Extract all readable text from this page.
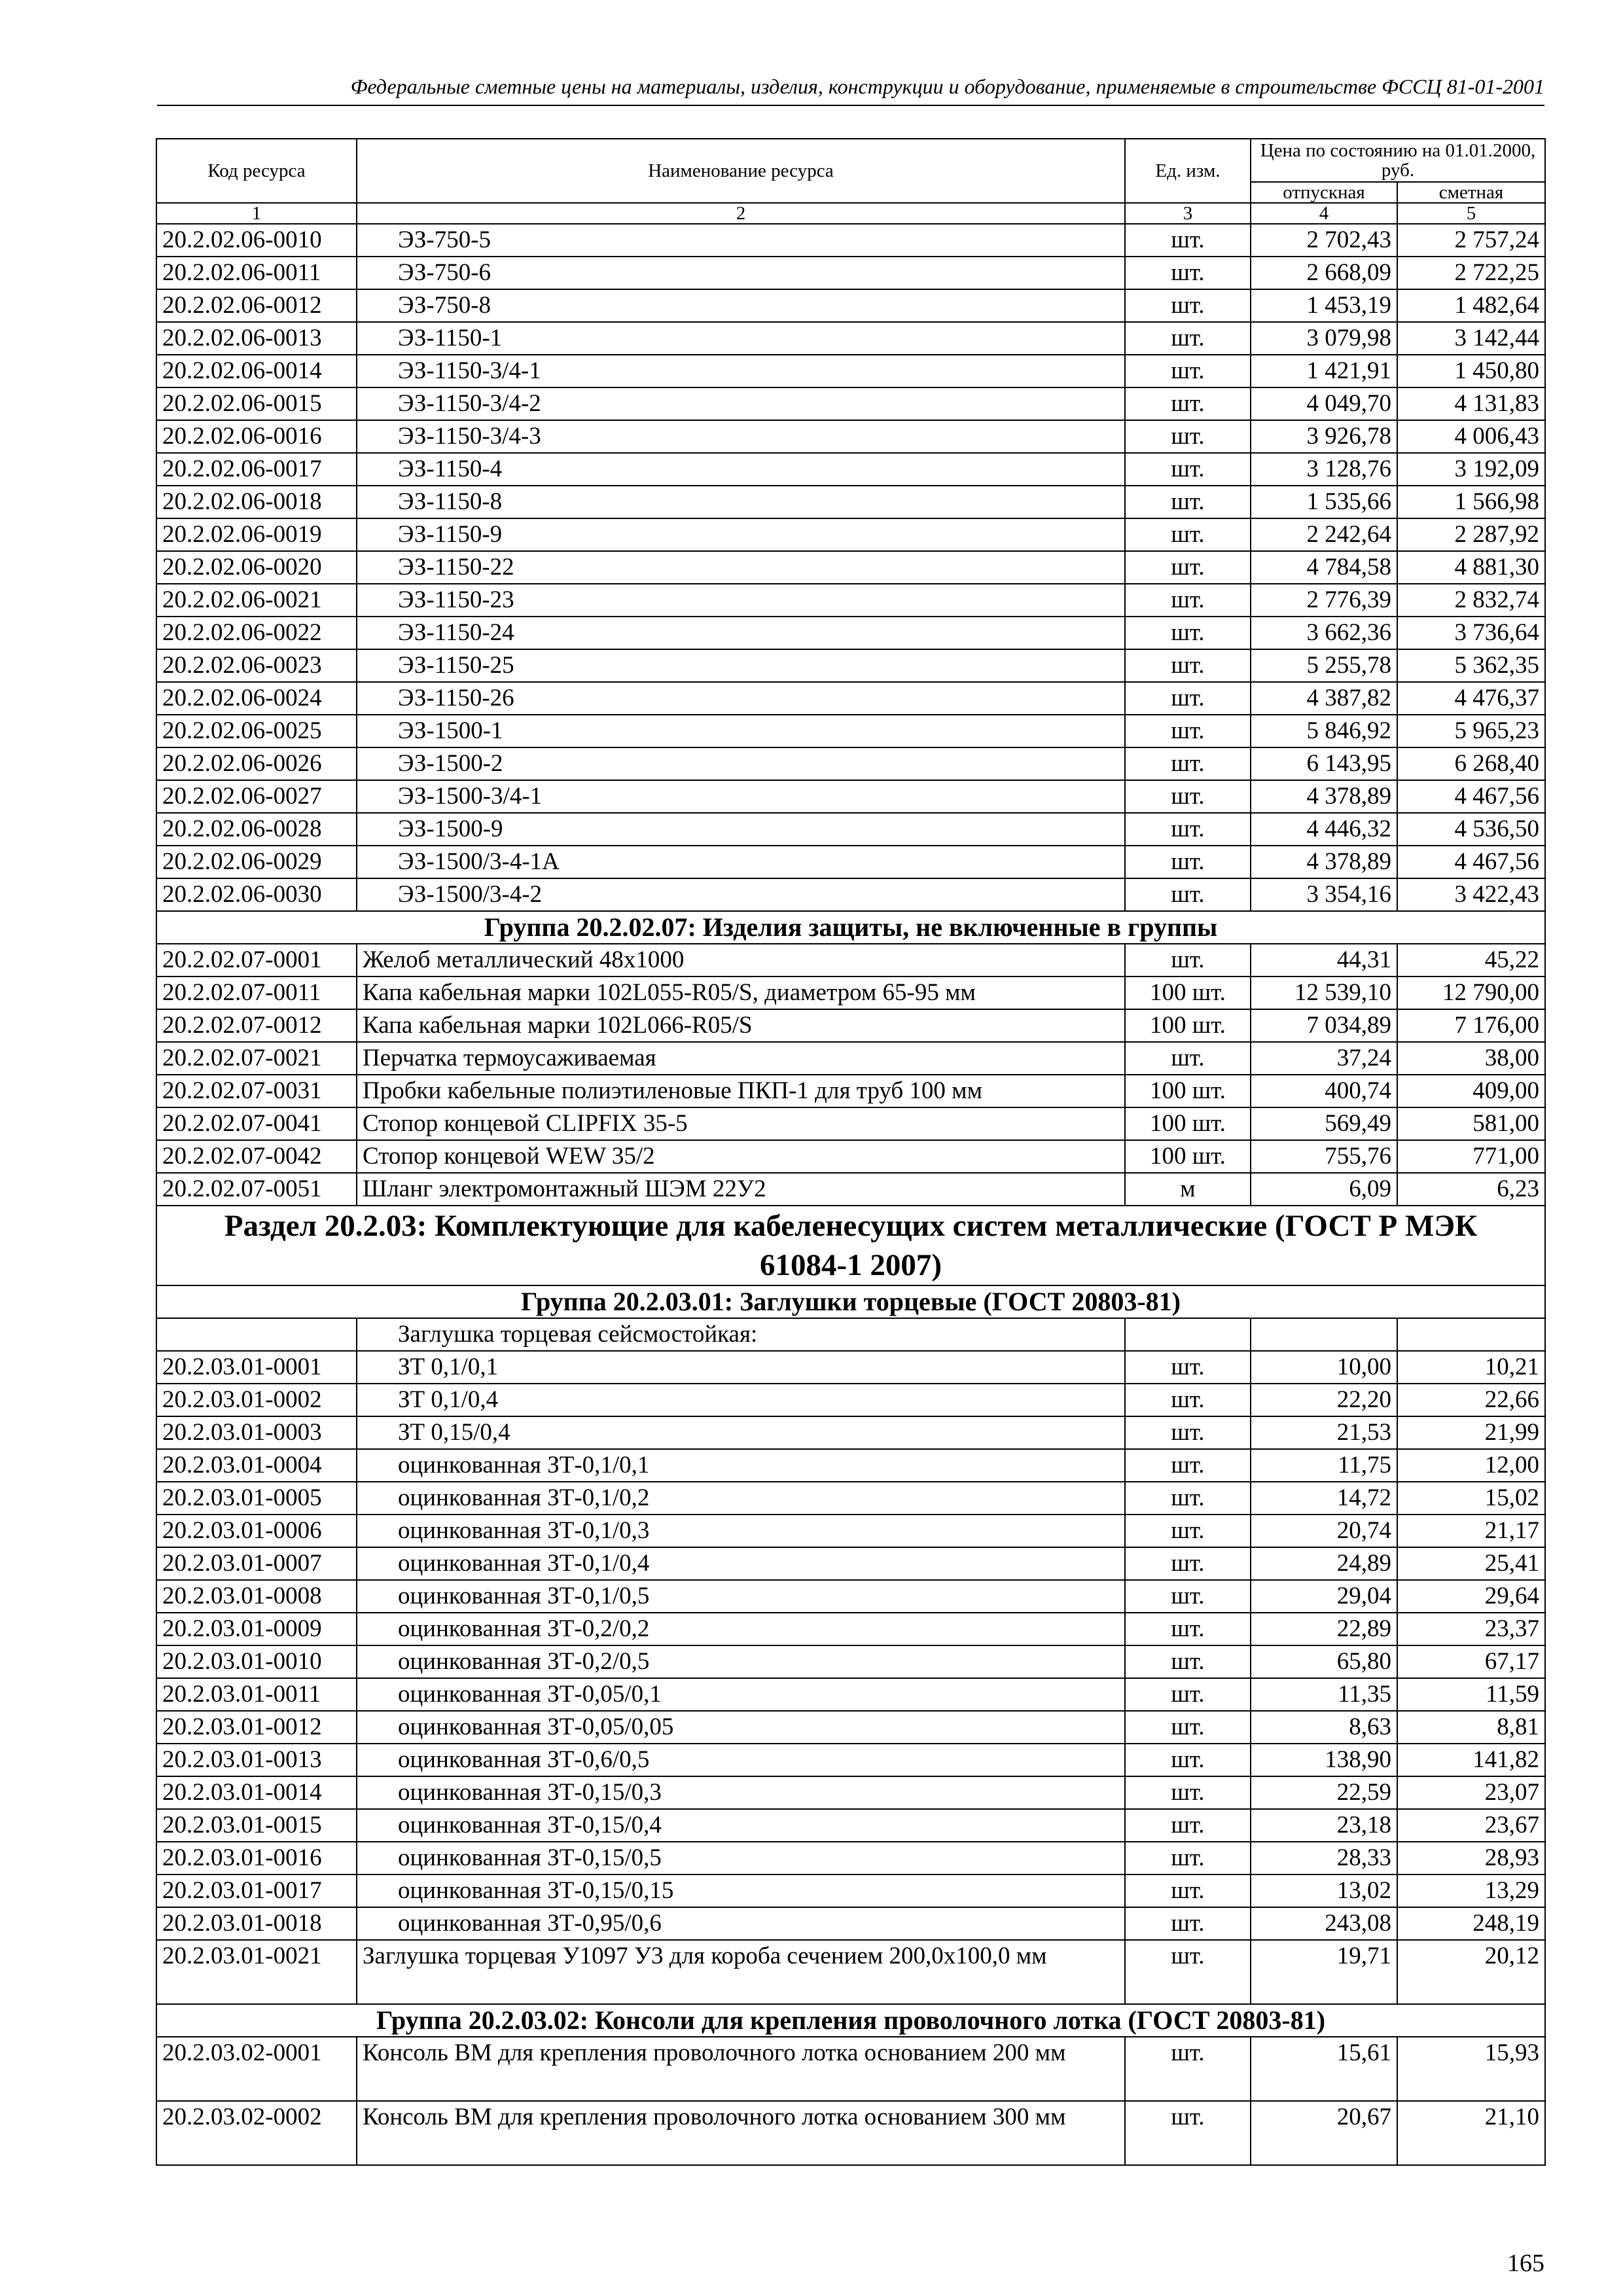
Федеральные сметные цены на материалы, изделия, конструкции и оборудование, применяемые в строительстве ФССЦ 81-01-2001
Код ресурса	Наименование ресурса	Ед. изм.	Цена по состоянию на 01.01.2000, руб.	
			отпускная	сметная
1	2	3	4	5
20.2.02.06-0010	ЭЗ-750-5	шт.	2 702,43	2 757,24
20.2.02.06-0011	ЭЗ-750-6	шт.	2 668,09	2 722,25
20.2.02.06-0012	ЭЗ-750-8	шт.	1 453,19	1 482,64
20.2.02.06-0013	ЭЗ-1150-1	шт.	3 079,98	3 142,44
20.2.02.06-0014	ЭЗ-1150-3/4-1	шт.	1 421,91	1 450,80
20.2.02.06-0015	ЭЗ-1150-3/4-2	шт.	4 049,70	4 131,83
20.2.02.06-0016	ЭЗ-1150-3/4-3	шт.	3 926,78	4 006,43
20.2.02.06-0017	ЭЗ-1150-4	шт.	3 128,76	3 192,09
20.2.02.06-0018	ЭЗ-1150-8	шт.	1 535,66	1 566,98
20.2.02.06-0019	ЭЗ-1150-9	шт.	2 242,64	2 287,92
20.2.02.06-0020	ЭЗ-1150-22	шт.	4 784,58	4 881,30
20.2.02.06-0021	ЭЗ-1150-23	шт.	2 776,39	2 832,74
20.2.02.06-0022	ЭЗ-1150-24	шт.	3 662,36	3 736,64
20.2.02.06-0023	ЭЗ-1150-25	шт.	5 255,78	5 362,35
20.2.02.06-0024	ЭЗ-1150-26	шт.	4 387,82	4 476,37
20.2.02.06-0025	ЭЗ-1500-1	шт.	5 846,92	5 965,23
20.2.02.06-0026	ЭЗ-1500-2	шт.	6 143,95	6 268,40
20.2.02.06-0027	ЭЗ-1500-3/4-1	шт.	4 378,89	4 467,56
20.2.02.06-0028	ЭЗ-1500-9	шт.	4 446,32	4 536,50
20.2.02.06-0029	ЭЗ-1500/3-4-1А	шт.	4 378,89	4 467,56
20.2.02.06-0030	ЭЗ-1500/3-4-2	шт.	3 354,16	3 422,43
Группа 20.2.02.07: Изделия защиты, не включенные в группы				
20.2.02.07-0001	Желоб металлический 48х1000	шт.	44,31	45,22
20.2.02.07-0011	Капа кабельная марки 102L055-R05/S, диаметром 65-95 мм	100 шт.	12 539,10	12 790,00
20.2.02.07-0012	Капа кабельная марки 102L066-R05/S	100 шт.	7 034,89	7 176,00
20.2.02.07-0021	Перчатка термоусаживаемая	шт.	37,24	38,00
20.2.02.07-0031	Пробки кабельные полиэтиленовые ПКП-1 для труб 100 мм	100 шт.	400,74	409,00
20.2.02.07-0041	Стопор концевой CLIPFIX 35-5	100 шт.	569,49	581,00
20.2.02.07-0042	Стопор концевой WEW 35/2	100 шт.	755,76	771,00
20.2.02.07-0051	Шланг электромонтажный ШЭМ 22У2	м	6,09	6,23
Раздел 20.2.03: Комплектующие для кабеленесущих систем металлические (ГОСТ Р МЭК
61084-1 2007)				
Группа 20.2.03.01: Заглушки торцевые (ГОСТ 20803-81)				
	Заглушка торцевая сейсмостойкая:			
20.2.03.01-0001	ЗТ 0,1/0,1	шт.	10,00	10,21
20.2.03.01-0002	ЗТ 0,1/0,4	шт.	22,20	22,66
20.2.03.01-0003	ЗТ 0,15/0,4	шт.	21,53	21,99
20.2.03.01-0004	оцинкованная ЗТ-0,1/0,1	шт.	11,75	12,00
20.2.03.01-0005	оцинкованная ЗТ-0,1/0,2	шт.	14,72	15,02
20.2.03.01-0006	оцинкованная ЗТ-0,1/0,3	шт.	20,74	21,17
20.2.03.01-0007	оцинкованная ЗТ-0,1/0,4	шт.	24,89	25,41
20.2.03.01-0008	оцинкованная ЗТ-0,1/0,5	шт.	29,04	29,64
20.2.03.01-0009	оцинкованная ЗТ-0,2/0,2	шт.	22,89	23,37
20.2.03.01-0010	оцинкованная ЗТ-0,2/0,5	шт.	65,80	67,17
20.2.03.01-0011	оцинкованная ЗТ-0,05/0,1	шт.	11,35	11,59
20.2.03.01-0012	оцинкованная ЗТ-0,05/0,05	шт.	8,63	8,81
20.2.03.01-0013	оцинкованная ЗТ-0,6/0,5	шт.	138,90	141,82
20.2.03.01-0014	оцинкованная ЗТ-0,15/0,3	шт.	22,59	23,07
20.2.03.01-0015	оцинкованная ЗТ-0,15/0,4	шт.	23,18	23,67
20.2.03.01-0016	оцинкованная ЗТ-0,15/0,5	шт.	28,33	28,93
20.2.03.01-0017	оцинкованная ЗТ-0,15/0,15	шт.	13,02	13,29
20.2.03.01-0018	оцинкованная ЗТ-0,95/0,6	шт.	243,08	248,19
20.2.03.01-0021	Заглушка торцевая У1097 У3 для короба сечением 200,0х100,0 мм	шт.	19,71	20,12
Группа 20.2.03.02: Консоли для крепления проволочного лотка (ГОСТ 20803-81)				
20.2.03.02-0001	Консоль ВМ для крепления проволочного лотка основанием 200 мм	шт.	15,61	15,93
20.2.03.02-0002	Консоль ВМ для крепления проволочного лотка основанием 300 мм	шт.	20,67	21,10
165
